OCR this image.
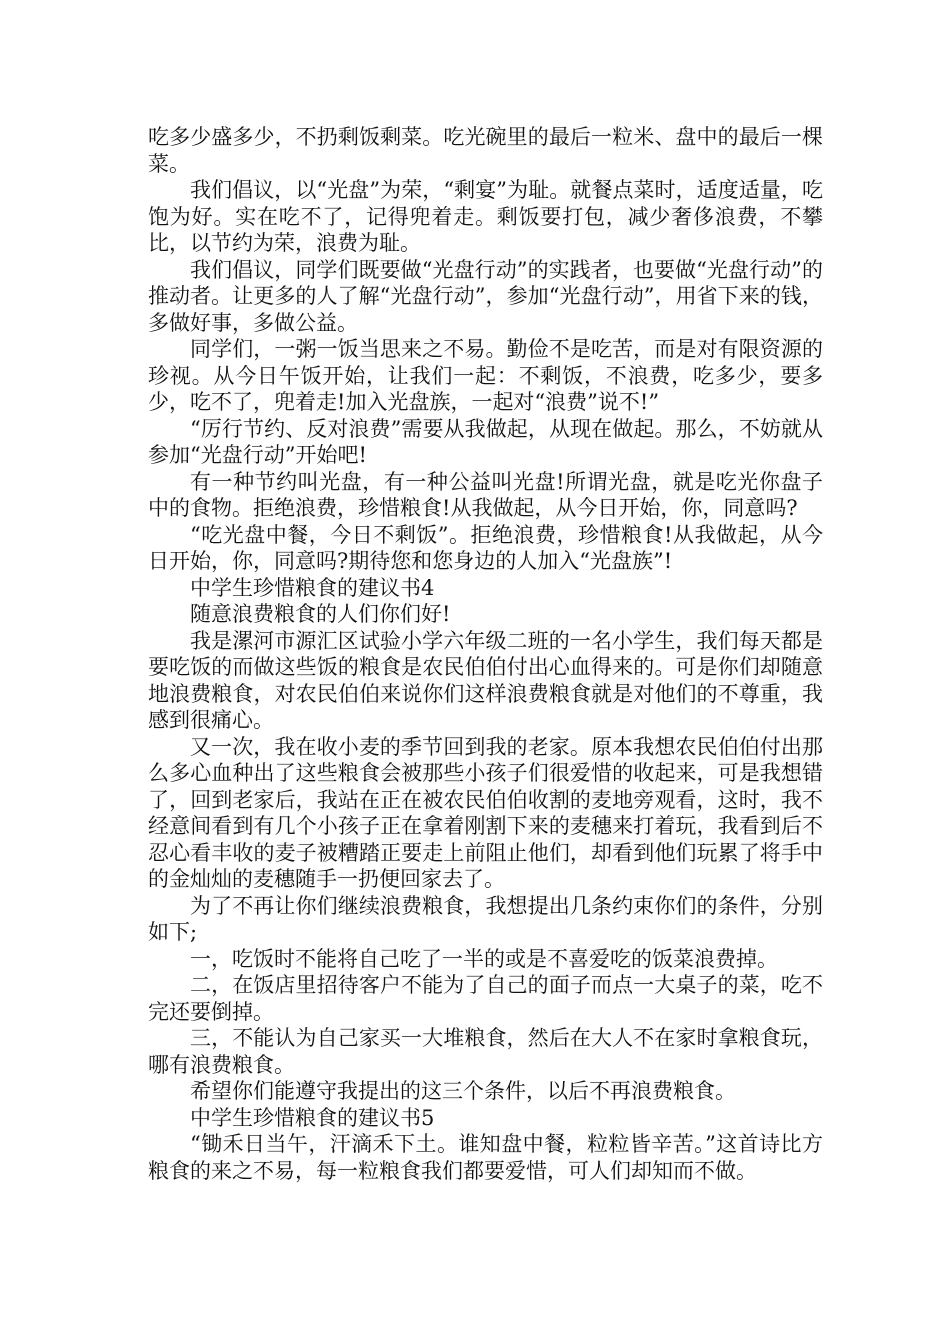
吃多少盛多少，不扔剩饭剩菜。吃光碗里的最后一粒米、盘中的最后一棵菜。

我们倡议，以“光盘”为荣，“剩宴”为耻。就餐点菜时，适度适量，吃饱为好。实在吃不了，记得兜着走。剩饭要打包，减少奢侈浪费，不攀比，以节约为荣，浪费为耻。

我们倡议，同学们既要做“光盘行动”的实践者，也要做“光盘行动”的推动者。让更多的人了解“光盘行动”，参加“光盘行动”，用省下来的钱，多做好事，多做公益。

同学们，一粥一饭当思来之不易。勤俭不是吃苦，而是对有限资源的珍视。从今日午饭开始，让我们一起：不剩饭，不浪费，吃多少，要多少，吃不了，兜着走!加入光盘族，一起对“浪费”说不!”

“厉行节约、反对浪费”需要从我做起，从现在做起。那么，不妨就从参加“光盘行动”开始吧!

有一种节约叫光盘，有一种公益叫光盘!所谓光盘，就是吃光你盘子中的食物。拒绝浪费，珍惜粮食!从我做起，从今日开始，你，同意吗?

“吃光盘中餐，今日不剩饭”。拒绝浪费，珍惜粮食!从我做起，从今日开始，你，同意吗?期待您和您身边的人加入“光盘族”!

中学生珍惜粮食的建议书4

随意浪费粮食的人们你们好!

我是漯河市源汇区试验小学六年级二班的一名小学生，我们每天都是要吃饭的而做这些饭的粮食是农民伯伯付出心血得来的。可是你们却随意地浪费粮食，对农民伯伯来说你们这样浪费粮食就是对他们的不尊重，我感到很痛心。

又一次，我在收小麦的季节回到我的老家。原本我想农民伯伯付出那么多心血种出了这些粮食会被那些小孩子们很爱惜的收起来，可是我想错了，回到老家后，我站在正在被农民伯伯收割的麦地旁观看，这时，我不经意间看到有几个小孩子正在拿着刚割下来的麦穗来打着玩，我看到后不忍心看丰收的麦子被糟踏正要走上前阻止他们，却看到他们玩累了将手中的金灿灿的麦穗随手一扔便回家去了。

为了不再让你们继续浪费粮食，我想提出几条约束你们的条件，分别如下;

一，吃饭时不能将自己吃了一半的或是不喜爱吃的饭菜浪费掉。

二，在饭店里招待客户不能为了自己的面子而点一大桌子的菜，吃不完还要倒掉。

三，不能认为自己家买一大堆粮食，然后在大人不在家时拿粮食玩，哪有浪费粮食。

希望你们能遵守我提出的这三个条件，以后不再浪费粮食。

中学生珍惜粮食的建议书5

“锄禾日当午，汗滴禾下土。谁知盘中餐，粒粒皆辛苦。”这首诗比方粮食的来之不易，每一粒粮食我们都要爱惜，可人们却知而不做。
